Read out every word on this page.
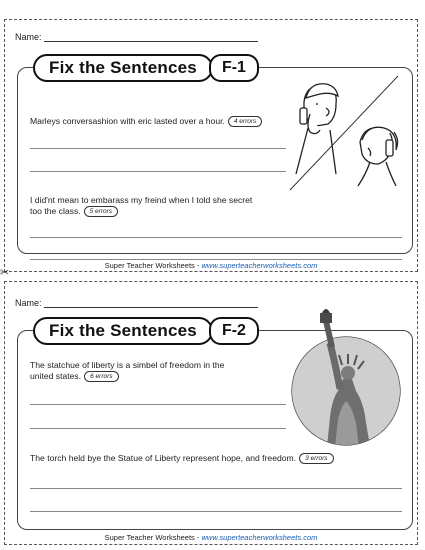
Name:
Fix the Sentences F-1
Marleys conversashion with eric lasted over a hour. 4 errors
I did'nt mean to embarass my freind when I told she secret
too the class. 5 errors
Super Teacher Worksheets - www.superteacherworksheets.com
✂
Name:
Fix the Sentences F-2
The statchue of liberty is a simbel of freedom in the
united states. 6 errors
The torch held bye the Statue of Liberty represent hope, and freedom. 3 errors
Super Teacher Worksheets - www.superteacherworksheets.com
